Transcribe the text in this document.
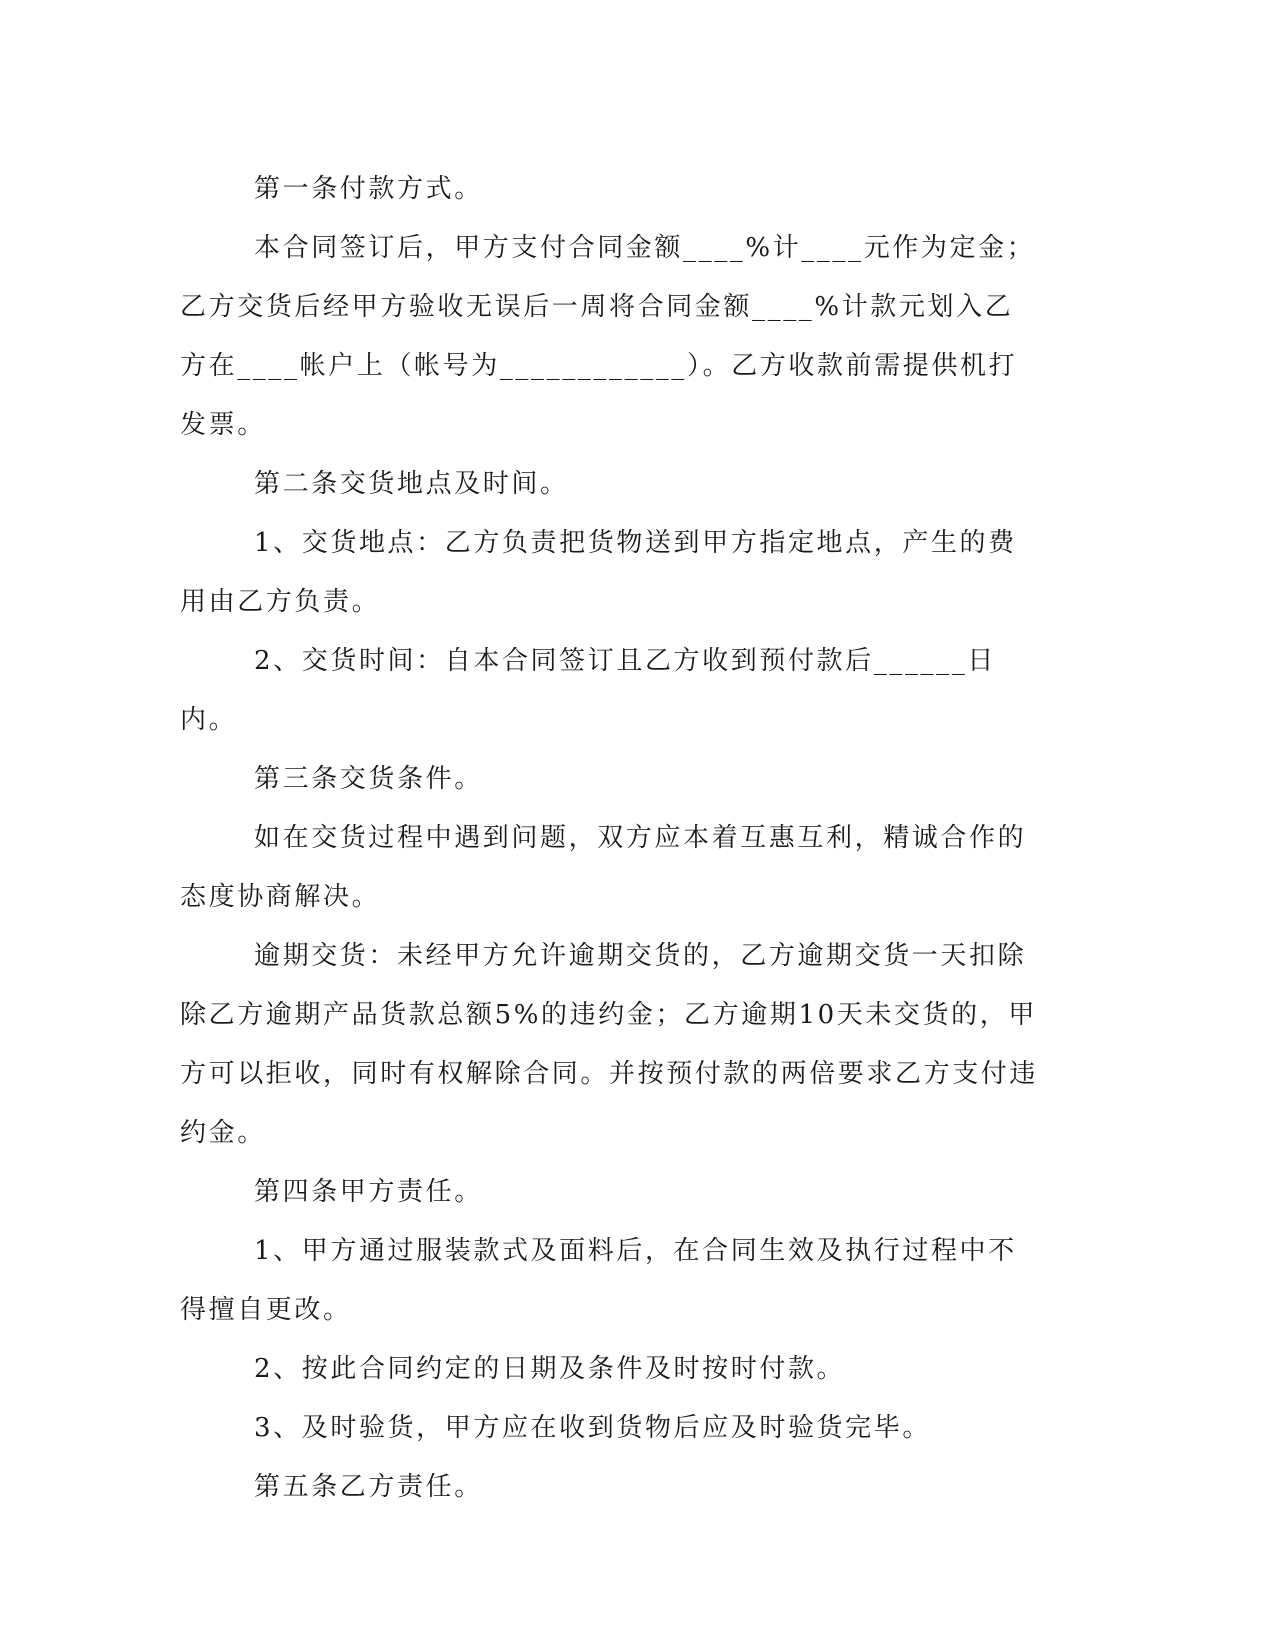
第一条付款方式。

本合同签订后，甲方支付合同金额____%计____元作为定金；乙方交货后经甲方验收无误后一周将合同金额____%计款元划入乙方在____帐户上（帐号为____________）。乙方收款前需提供机打发票。

第二条交货地点及时间。

1、交货地点：乙方负责把货物送到甲方指定地点，产生的费用由乙方负责。

2、交货时间：自本合同签订且乙方收到预付款后______日内。

第三条交货条件。

如在交货过程中遇到问题，双方应本着互惠互利，精诚合作的态度协商解决。

逾期交货：未经甲方允许逾期交货的，乙方逾期交货一天扣除除乙方逾期产品货款总额5%的违约金；乙方逾期10天未交货的，甲方可以拒收，同时有权解除合同。并按预付款的两倍要求乙方支付违约金。

第四条甲方责任。

1、甲方通过服装款式及面料后，在合同生效及执行过程中不得擅自更改。

2、按此合同约定的日期及条件及时按时付款。

3、及时验货，甲方应在收到货物后应及时验货完毕。

第五条乙方责任。
